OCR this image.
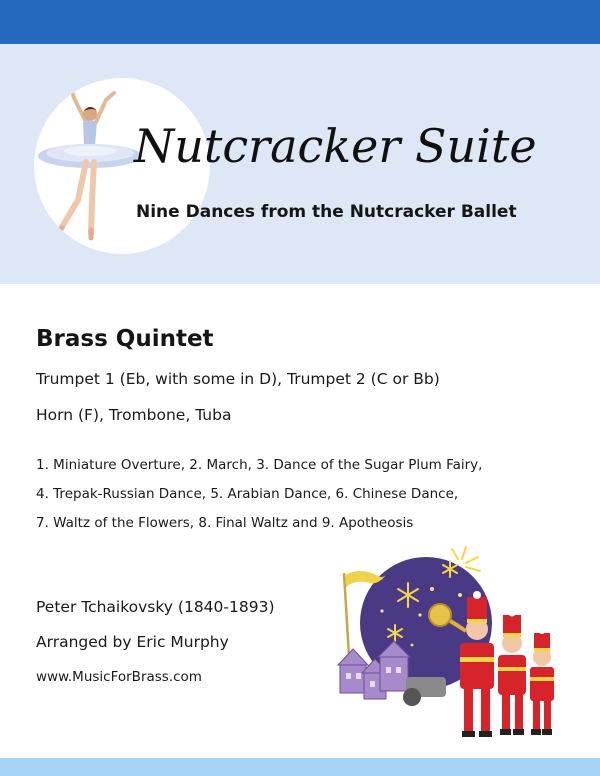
Nutcracker Suite

Nine Dances from the Nutcracker Ballet

Brass Quintet

Trumpet 1 (Eb, with some in D), Trumpet 2 (C or Bb)

Horn (F), Trombone, Tuba

1. Miniature Overture, 2. March, 3. Dance of the Sugar Plum Fairy,

4. Trepak-Russian Dance, 5. Arabian Dance, 6. Chinese Dance,

7. Waltz of the Flowers, 8. Final Waltz and 9. Apotheosis

Peter Tchaikovsky (1840-1893)

Arranged by Eric Murphy

www.MusicForBrass.com
